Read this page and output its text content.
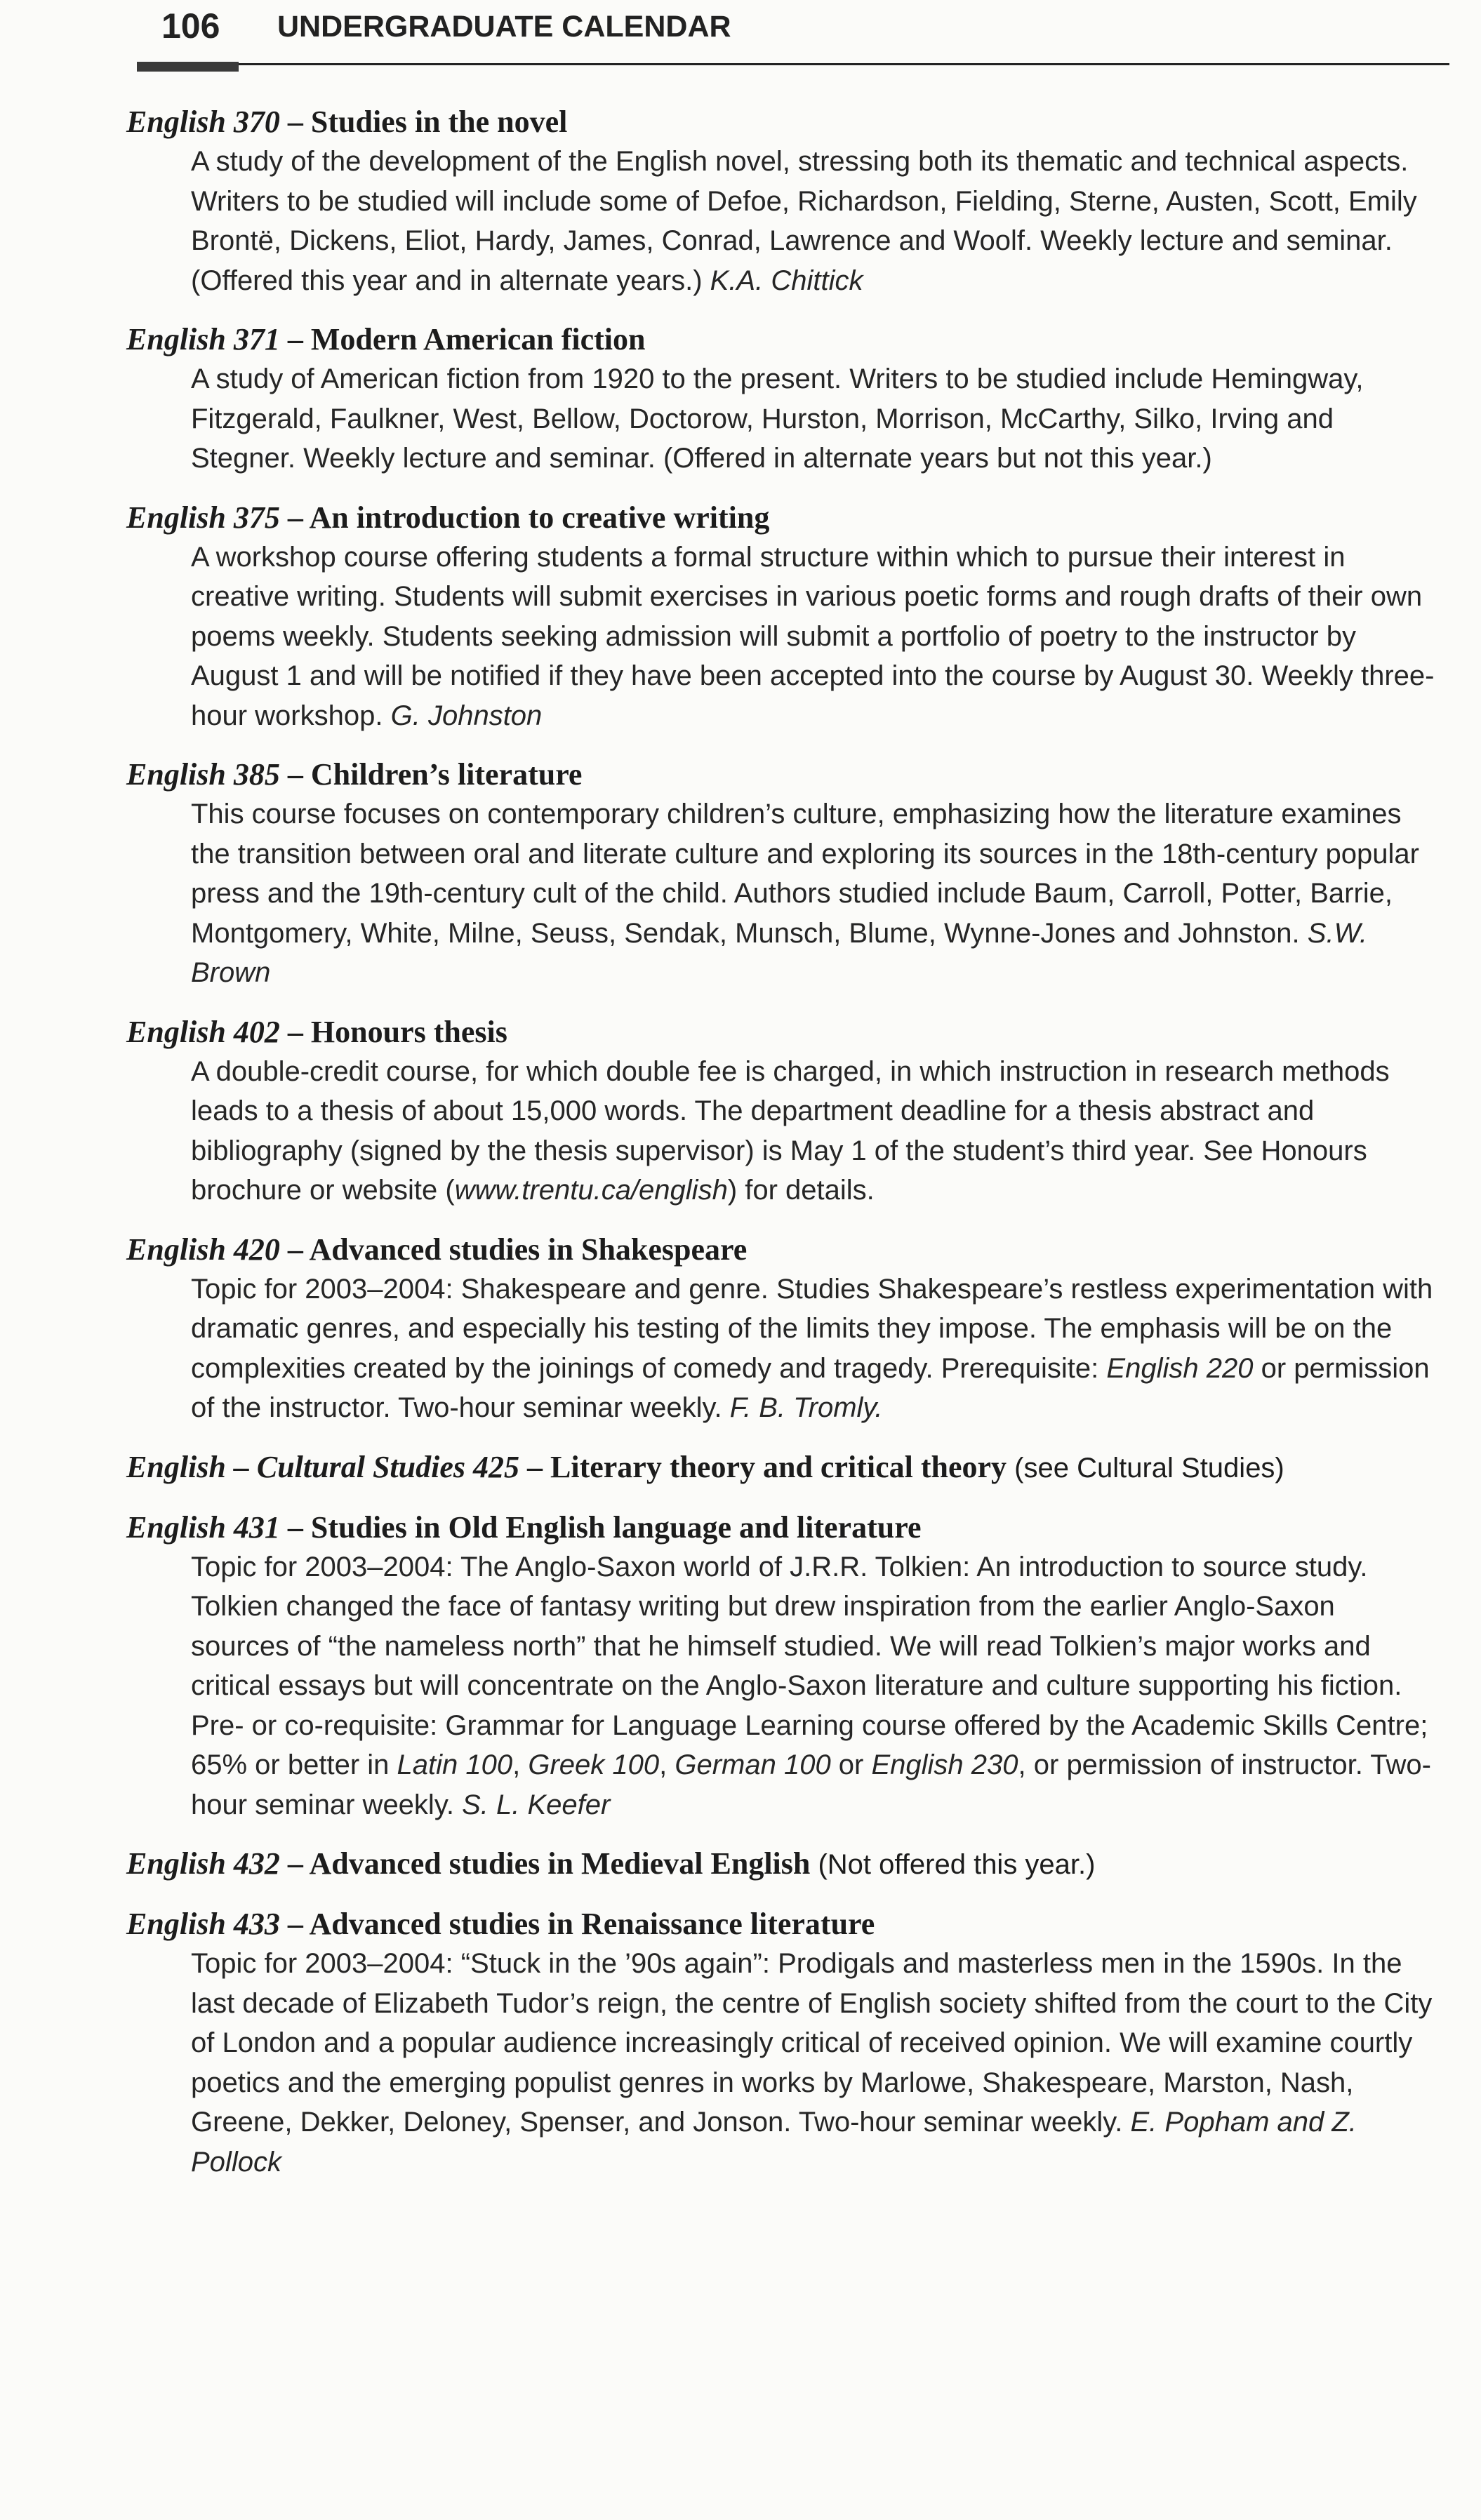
106 UNDERGRADUATE CALENDAR
English 370 – Studies in the novel
A study of the development of the English novel, stressing both its thematic and technical aspects. Writers to be studied will include some of Defoe, Richardson, Fielding, Sterne, Austen, Scott, Emily Brontë, Dickens, Eliot, Hardy, James, Conrad, Lawrence and Woolf. Weekly lecture and seminar. (Offered this year and in alternate years.) K.A. Chittick
English 371 – Modern American fiction
A study of American fiction from 1920 to the present. Writers to be studied include Hemingway, Fitzgerald, Faulkner, West, Bellow, Doctorow, Hurston, Morrison, McCarthy, Silko, Irving and Stegner. Weekly lecture and seminar. (Offered in alternate years but not this year.)
English 375 – An introduction to creative writing
A workshop course offering students a formal structure within which to pursue their interest in creative writing. Students will submit exercises in various poetic forms and rough drafts of their own poems weekly. Students seeking admission will submit a portfolio of poetry to the instructor by August 1 and will be notified if they have been accepted into the course by August 30. Weekly three-hour workshop. G. Johnston
English 385 – Children’s literature
This course focuses on contemporary children’s culture, emphasizing how the literature examines the transition between oral and literate culture and exploring its sources in the 18th-century popular press and the 19th-century cult of the child. Authors studied include Baum, Carroll, Potter, Barrie, Montgomery, White, Milne, Seuss, Sendak, Munsch, Blume, Wynne-Jones and Johnston. S.W. Brown
English 402 – Honours thesis
A double-credit course, for which double fee is charged, in which instruction in research methods leads to a thesis of about 15,000 words. The department deadline for a thesis abstract and bibliography (signed by the thesis supervisor) is May 1 of the student’s third year. See Honours brochure or website (www.trentu.ca/english) for details.
English 420 – Advanced studies in Shakespeare
Topic for 2003–2004: Shakespeare and genre. Studies Shakespeare’s restless experimentation with dramatic genres, and especially his testing of the limits they impose. The emphasis will be on the complexities created by the joinings of comedy and tragedy. Prerequisite: English 220 or permission of the instructor. Two-hour seminar weekly. F. B. Tromly.
English – Cultural Studies 425 – Literary theory and critical theory (see Cultural Studies)
English 431 – Studies in Old English language and literature
Topic for 2003–2004: The Anglo-Saxon world of J.R.R. Tolkien: An introduction to source study. Tolkien changed the face of fantasy writing but drew inspiration from the earlier Anglo-Saxon sources of “the nameless north” that he himself studied. We will read Tolkien’s major works and critical essays but will concentrate on the Anglo-Saxon literature and culture supporting his fiction. Pre- or co-requisite: Grammar for Language Learning course offered by the Academic Skills Centre; 65% or better in Latin 100, Greek 100, German 100 or English 230, or permission of instructor. Two-hour seminar weekly. S. L. Keefer
English 432 – Advanced studies in Medieval English (Not offered this year.)
English 433 – Advanced studies in Renaissance literature
Topic for 2003–2004: “Stuck in the ’90s again”: Prodigals and masterless men in the 1590s. In the last decade of Elizabeth Tudor’s reign, the centre of English society shifted from the court to the City of London and a popular audience increasingly critical of received opinion. We will examine courtly poetics and the emerging populist genres in works by Marlowe, Shakespeare, Marston, Nash, Greene, Dekker, Deloney, Spenser, and Jonson. Two-hour seminar weekly. E. Popham and Z. Pollock
